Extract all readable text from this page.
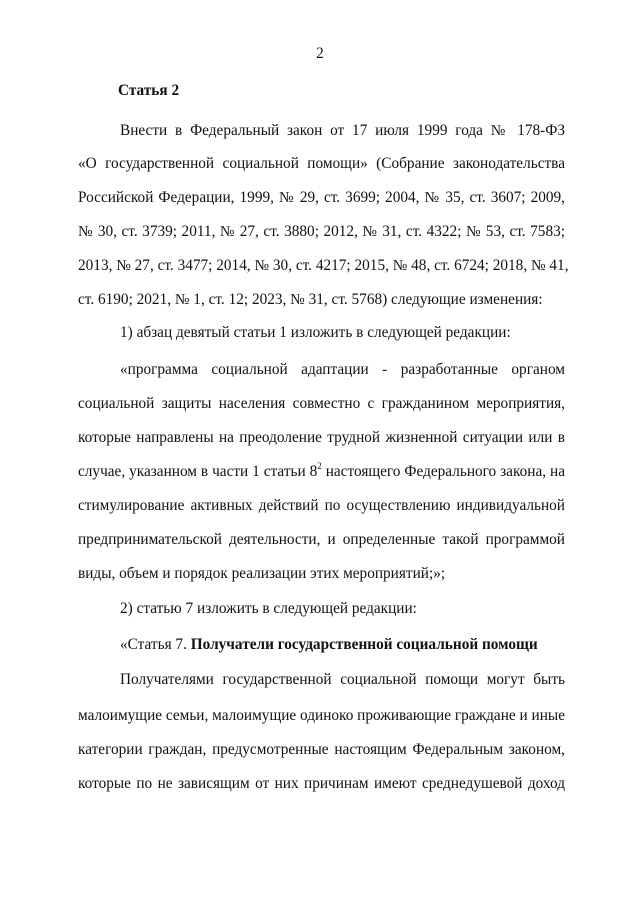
2
Статья 2
Внести в Федеральный закон от 17 июля 1999 года № 178-ФЗ
«О государственной социальной помощи» (Собрание законодательства
Российской Федерации, 1999, № 29, ст. 3699; 2004, № 35, ст. 3607; 2009,
№ 30, ст. 3739; 2011, № 27, ст. 3880; 2012, № 31, ст. 4322; № 53, ст. 7583;
2013, № 27, ст. 3477; 2014, № 30, ст. 4217; 2015, № 48, ст. 6724; 2018, № 41,
ст. 6190; 2021, № 1, ст. 12; 2023, № 31, ст. 5768) следующие изменения:
1) абзац девятый статьи 1 изложить в следующей редакции:
«программа социальной адаптации - разработанные органом
социальной защиты населения совместно с гражданином мероприятия,
которые направлены на преодоление трудной жизненной ситуации или в
случае, указанном в части 1 статьи $8^2$ настоящего Федерального закона, на
стимулирование активных действий по осуществлению индивидуальной
предпринимательской деятельности, и определенные такой программой
виды, объем и порядок реализации этих мероприятий;»;
2) статью 7 изложить в следующей редакции:
«Статья 7. Получатели государственной социальной помощи
Получателями государственной социальной помощи могут быть
малоимущие семьи, малоимущие одиноко проживающие граждане и иные
категории граждан, предусмотренные настоящим Федеральным законом,
которые по не зависящим от них причинам имеют среднедушевой доход
